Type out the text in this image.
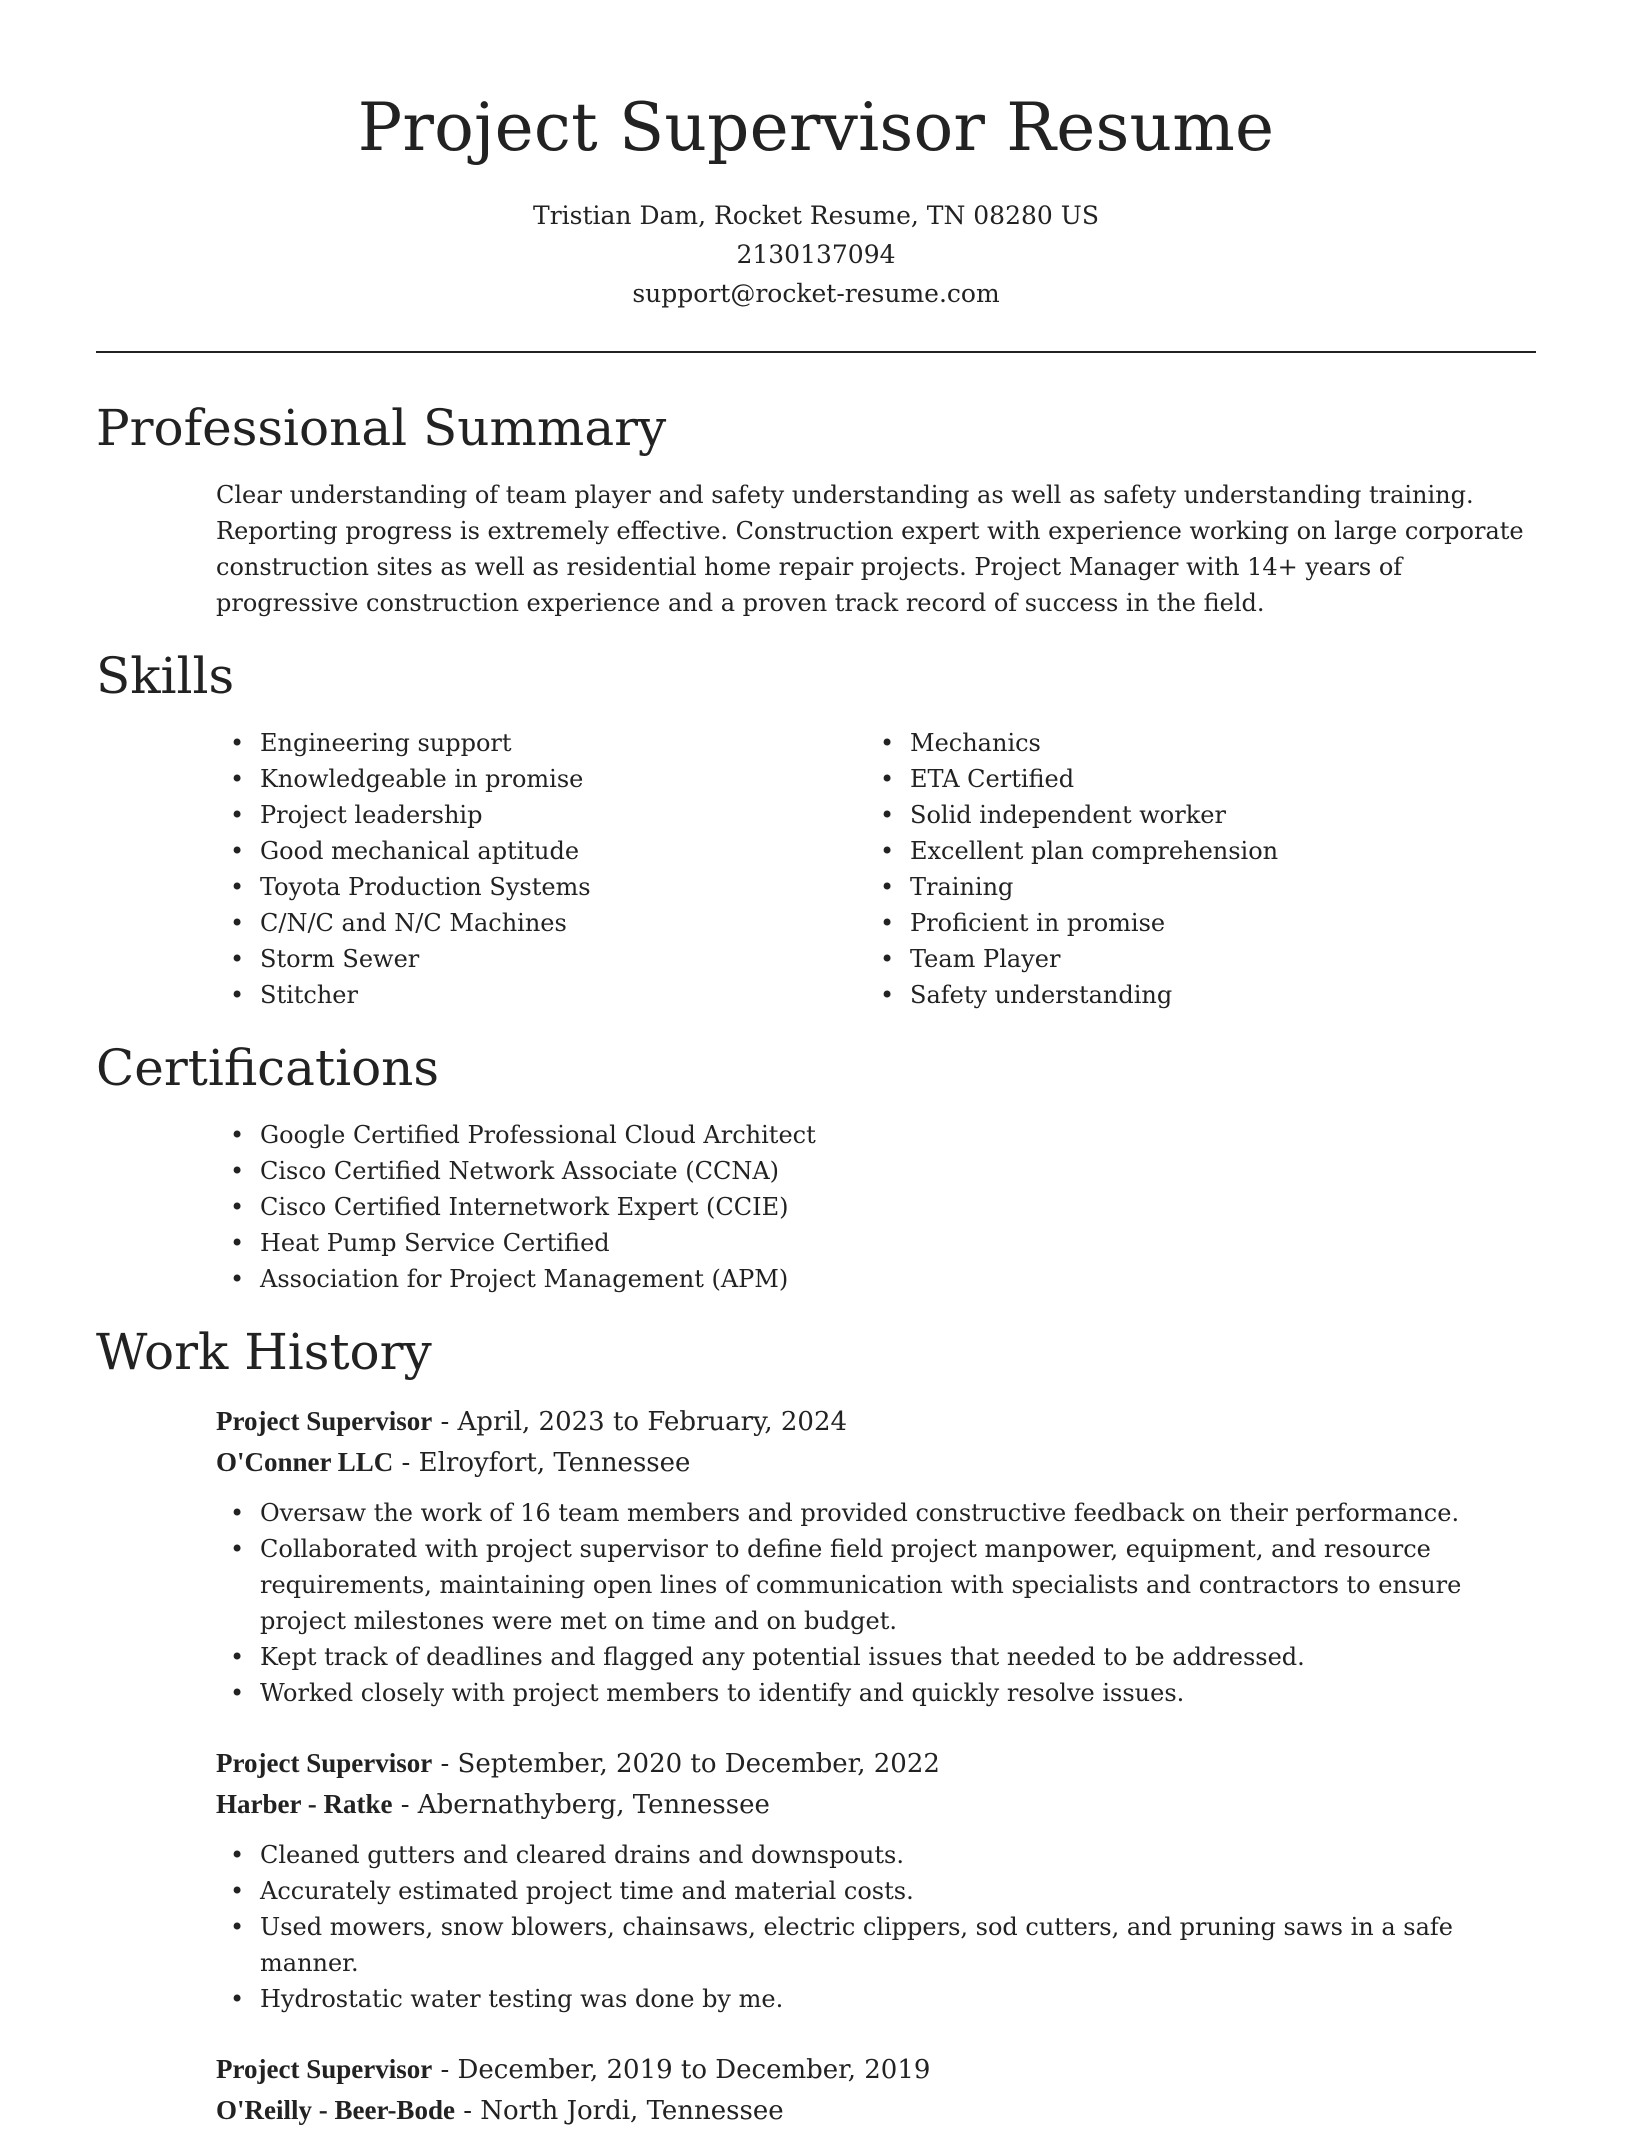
Project Supervisor Resume
Tristian Dam, Rocket Resume, TN 08280 US
2130137094
support@rocket-resume.com
Professional Summary

Clear understanding of team player and safety understanding as well as safety understanding training. Reporting progress is extremely effective. Construction expert with experience working on large corporate construction sites as well as residential home repair projects. Project Manager with 14+ years of progressive construction experience and a proven track record of success in the field.

Skills
• Engineering support
• Knowledgeable in promise
• Project leadership
• Good mechanical aptitude
• Toyota Production Systems
• C/N/C and N/C Machines
• Storm Sewer
• Stitcher
• Mechanics
• ETA Certified
• Solid independent worker
• Excellent plan comprehension
• Training
• Proficient in promise
• Team Player
• Safety understanding
Certifications
• Google Certified Professional Cloud Architect
• Cisco Certified Network Associate (CCNA)
• Cisco Certified Internetwork Expert (CCIE)
• Heat Pump Service Certified
• Association for Project Management (APM)
Work History
Project Supervisor - April, 2023 to February, 2024
O'Conner LLC - Elroyfort, Tennessee
• Oversaw the work of 16 team members and provided constructive feedback on their performance.
• Collaborated with project supervisor to define field project manpower, equipment, and resource requirements, maintaining open lines of communication with specialists and contractors to ensure project milestones were met on time and on budget.
• Kept track of deadlines and flagged any potential issues that needed to be addressed.
• Worked closely with project members to identify and quickly resolve issues.
Project Supervisor - September, 2020 to December, 2022
Harber - Ratke - Abernathyberg, Tennessee
• Cleaned gutters and cleared drains and downspouts.
• Accurately estimated project time and material costs.
• Used mowers, snow blowers, chainsaws, electric clippers, sod cutters, and pruning saws in a safe manner.
• Hydrostatic water testing was done by me.
Project Supervisor - December, 2019 to December, 2019
O'Reilly - Beer-Bode - North Jordi, Tennessee
